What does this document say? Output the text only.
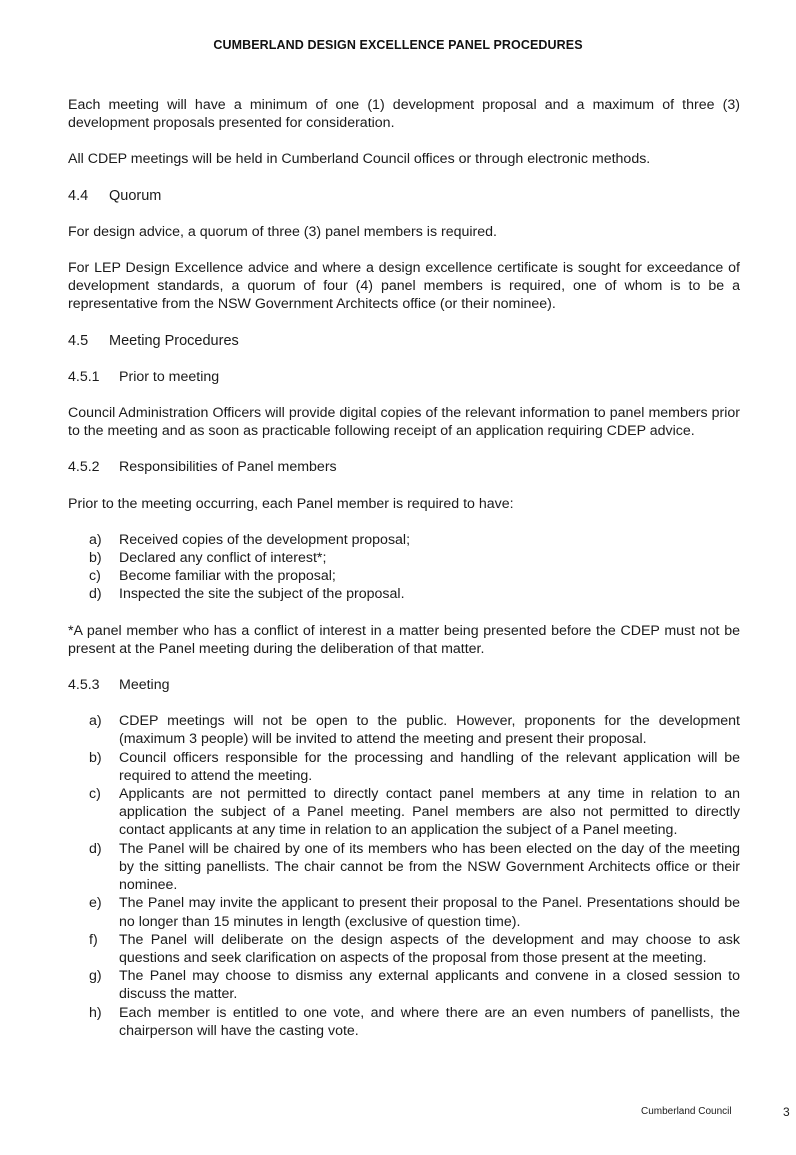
CUMBERLAND DESIGN EXCELLENCE PANEL PROCEDURES

Each meeting will have a minimum of one (1) development proposal and a maximum of three (3) development proposals presented for consideration.

All CDEP meetings will be held in Cumberland Council offices or through electronic methods.

4.4	Quorum

For design advice, a quorum of three (3) panel members is required.

For LEP Design Excellence advice and where a design excellence certificate is sought for exceedance of development standards, a quorum of four (4) panel members is required, one of whom is to be a representative from the NSW Government Architects office (or their nominee).

4.5	Meeting Procedures
4.5.1	Prior to meeting

Council Administration Officers will provide digital copies of the relevant information to panel members prior to the meeting and as soon as practicable following receipt of an application requiring CDEP advice.

4.5.2	Responsibilities of Panel members

Prior to the meeting occurring, each Panel member is required to have:

a)	Received copies of the development proposal;
b)	Declared any conflict of interest*;
c)	Become familiar with the proposal;
d)	Inspected the site the subject of the proposal.

*A panel member who has a conflict of interest in a matter being presented before the CDEP must not be present at the Panel meeting during the deliberation of that matter.

4.5.3	Meeting
a)	CDEP meetings will not be open to the public. However, proponents for the development (maximum 3 people) will be invited to attend the meeting and present their proposal.
b)	Council officers responsible for the processing and handling of the relevant application will be required to attend the meeting.
c)	Applicants are not permitted to directly contact panel members at any time in relation to an application the subject of a Panel meeting. Panel members are also not permitted to directly contact applicants at any time in relation to an application the subject of a Panel meeting.
d)	The Panel will be chaired by one of its members who has been elected on the day of the meeting by the sitting panellists. The chair cannot be from the NSW Government Architects office or their nominee.
e)	The Panel may invite the applicant to present their proposal to the Panel. Presentations should be no longer than 15 minutes in length (exclusive of question time).
f)	The Panel will deliberate on the design aspects of the development and may choose to ask questions and seek clarification on aspects of the proposal from those present at the meeting.
g)	The Panel may choose to dismiss any external applicants and convene in a closed session to discuss the matter.
h)	Each member is entitled to one vote, and where there are an even numbers of panellists, the chairperson will have the casting vote.
Cumberland Council	3
